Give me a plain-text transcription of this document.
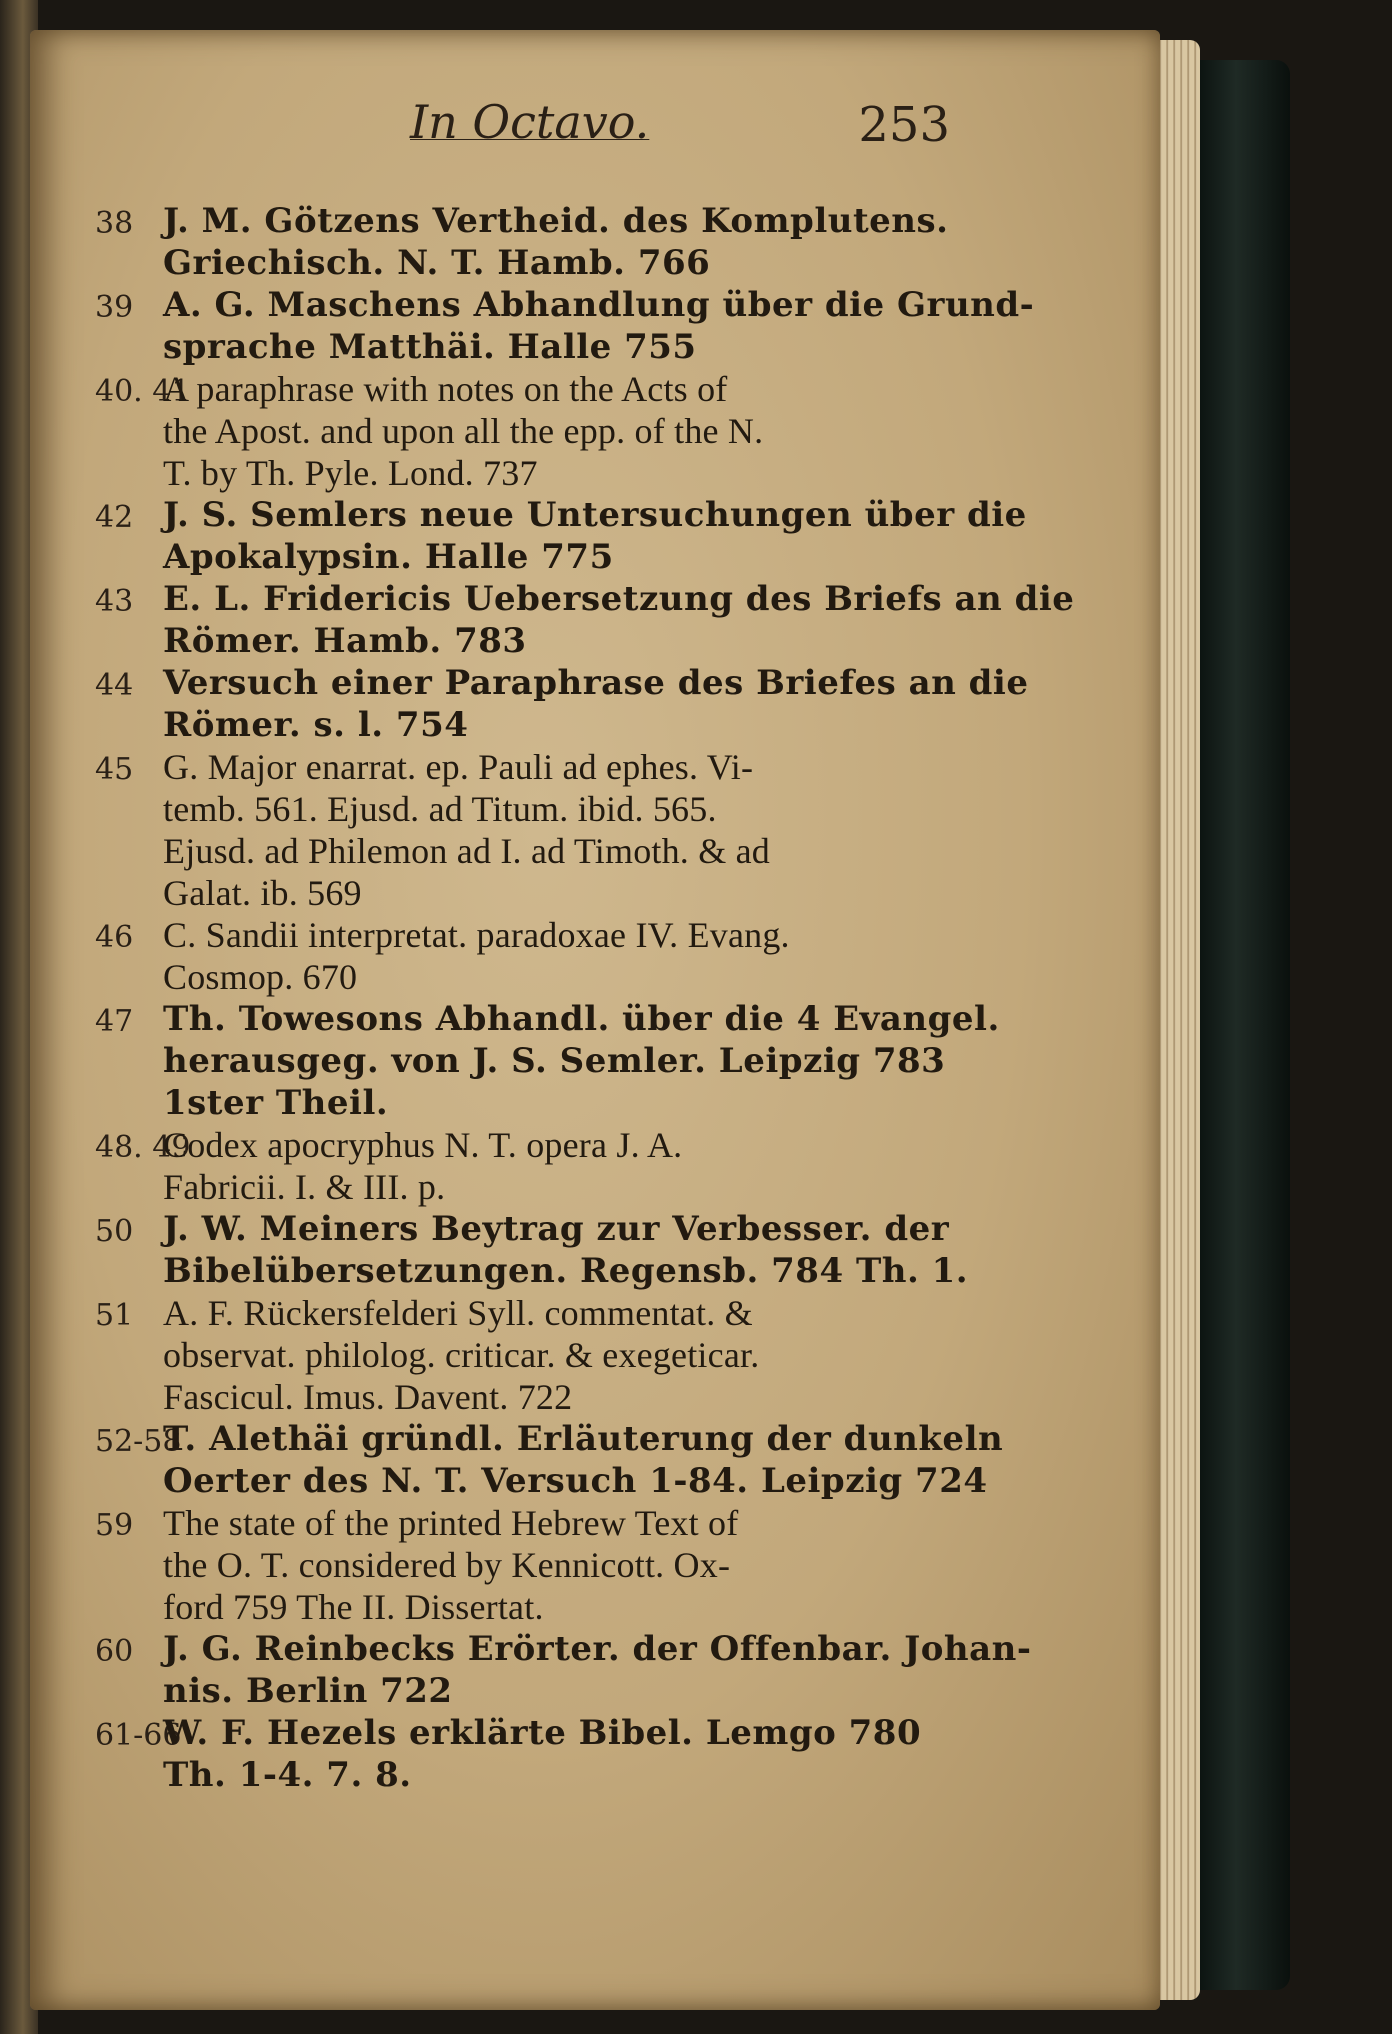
In Octavo.	253
38 J. M. Götzens Vertheid. des Komplutens.
Griechisch. N. T. Hamb. 766
39 A. G. Maschens Abhandlung über die Grund-
sprache Matthäi. Halle 755
40. 41
A paraphrase with notes on the Acts of
the Apost. and upon all the epp. of the N.
T. by Th. Pyle. Lond. 737
42 J. S. Semlers neue Untersuchungen über die
Apokalypsin. Halle 775
43 E. L. Fridericis Uebersetzung des Briefs an die
Römer. Hamb. 783
44 Versuch einer Paraphrase des Briefes an die
Römer. s. l. 754
45 G. Major enarrat. ep. Pauli ad ephes. Vi-
temb. 561. Ejusd. ad Titum. ibid. 565.
Ejusd. ad Philemon ad I. ad Timoth. & ad
Galat. ib. 569
46 C. Sandii interpretat. paradoxae IV. Evang.
Cosmop. 670
47 Th. Towesons Abhandl. über die 4 Evangel.
herausgeg. von J. S. Semler. Leipzig 783
1ster Theil.
48. 49
Codex apocryphus N. T. opera J. A.
Fabricii. I. & III. p.
50 J. W. Meiners Beytrag zur Verbesser. der
Bibelübersetzungen. Regensb. 784 Th. 1.
51 A. F. Rückersfelderi Syll. commentat. &
observat. philolog. criticar. & exegeticar.
Fascicul. Imus. Davent. 722
52-58
T. Alethäi gründl. Erläuterung der dunkeln
Oerter des N. T. Versuch 1-84. Leipzig 724
59 The state of the printed Hebrew Text of
the O. T. considered by Kennicott. Ox-
ford 759 The II. Dissertat.
60 J. G. Reinbecks Erörter. der Offenbar. Johan-
nis. Berlin 722
61-66
W. F. Hezels erklärte Bibel. Lemgo 780
Th. 1-4. 7. 8.
